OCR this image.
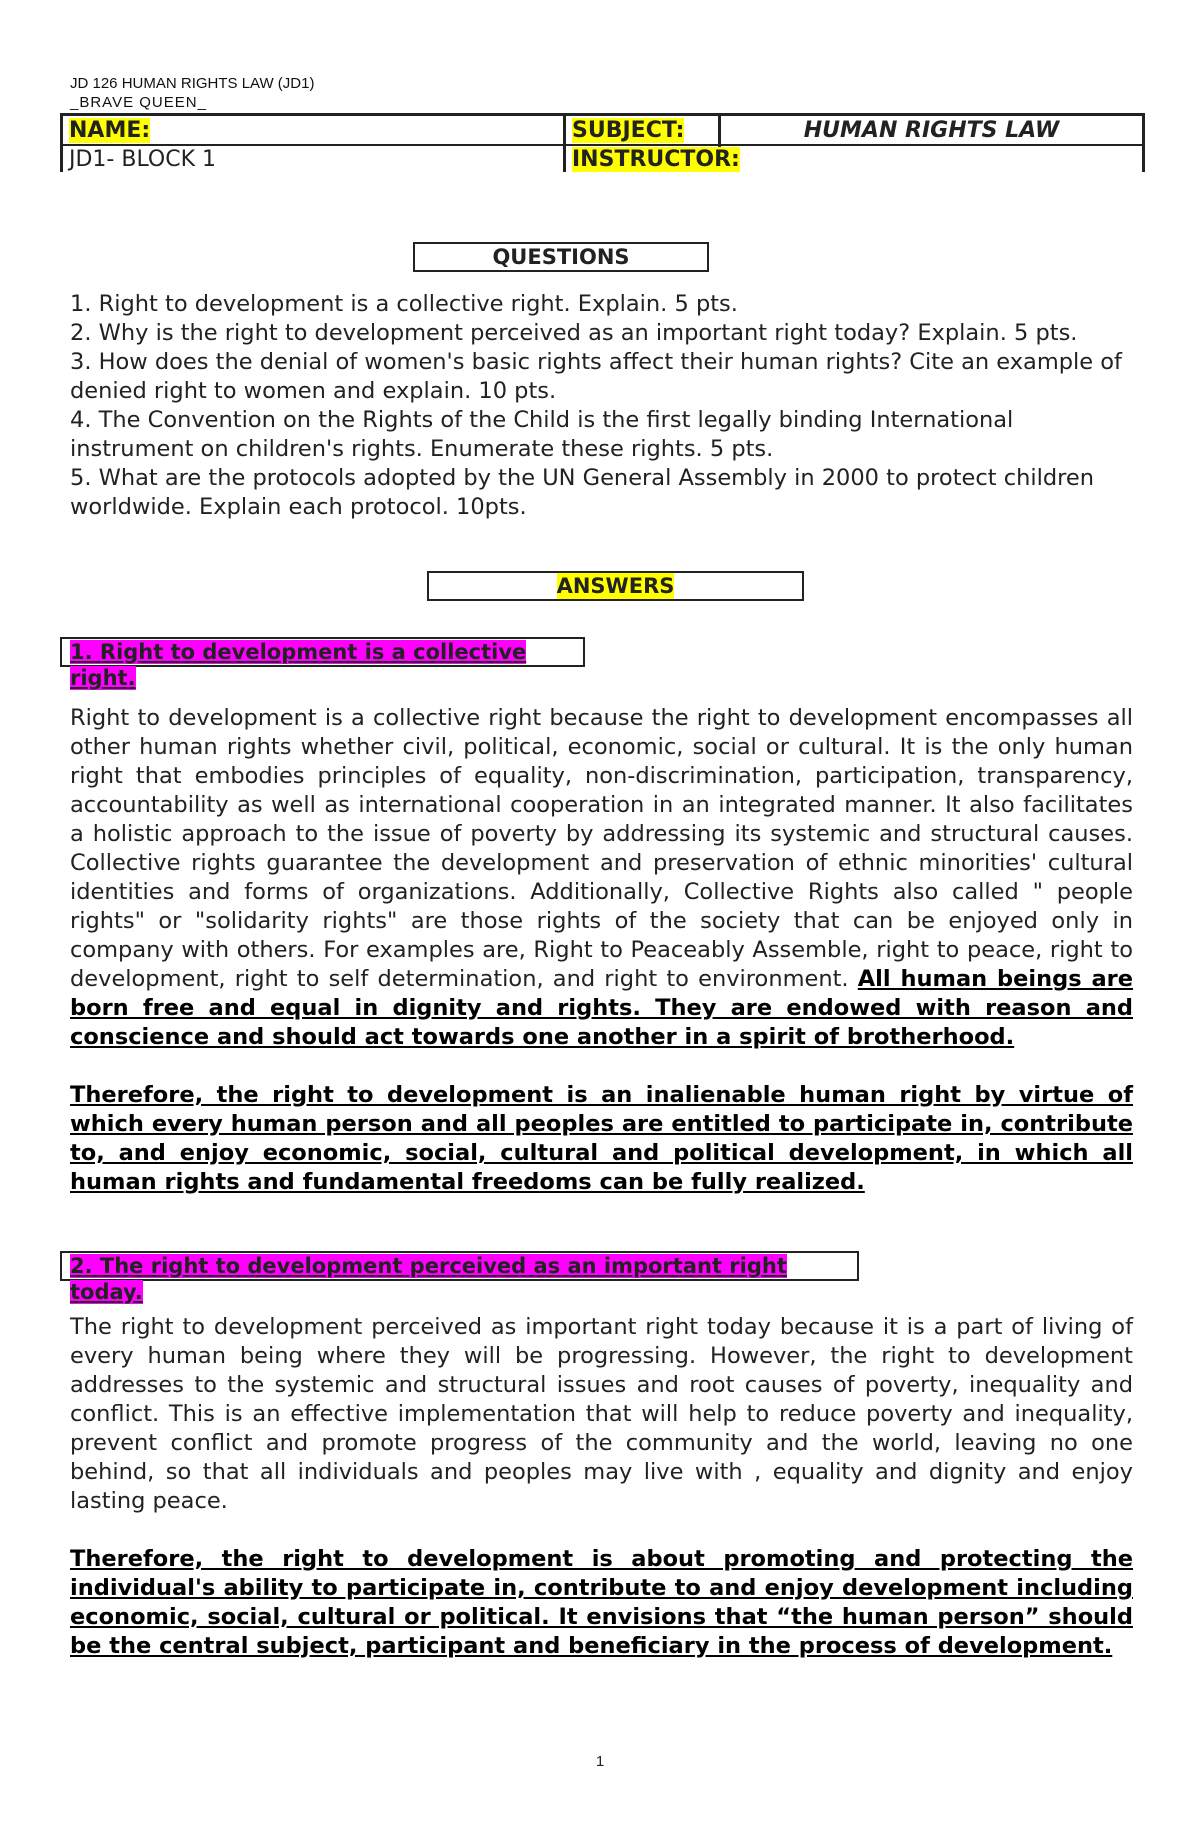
JD 126 HUMAN RIGHTS LAW (JD1)
_BRAVE QUEEN_
NAME:	SUBJECT:	HUMAN RIGHTS LAW
JD1- BLOCK 1	INSTRUCTOR:	
QUESTIONS

1. Right to development is a collective right. Explain. 5 pts.

2. Why is the right to development perceived as an important right today? Explain. 5 pts.

3. How does the denial of women's basic rights affect their human rights? Cite an example of denied right to women and explain. 10 pts.

4. The Convention on the Rights of the Child is the first legally binding International instrument on children's rights. Enumerate these rights. 5 pts.

5. What are the protocols adopted by the UN General Assembly in 2000 to protect children worldwide. Explain each protocol. 10pts.

ANSWERS
1. Right to development is a collective right.

Right to development is a collective right because the right to development encompasses all other human rights whether civil, political, economic, social or cultural. It is the only human right that embodies principles of equality, non-discrimination, participation, transparency, accountability as well as international cooperation in an integrated manner. It also facilitates a holistic approach to the issue of poverty by addressing its systemic and structural causes. Collective rights guarantee the development and preservation of ethnic minorities' cultural identities and forms of organizations. Additionally, Collective Rights also called " people rights" or "solidarity rights" are those rights of the society that can be enjoyed only in company with others. For examples are, Right to Peaceably Assemble, right to peace, right to development, right to self determination, and right to environment. All human beings are born free and equal in dignity and rights. They are endowed with reason and conscience and should act towards one another in a spirit of brotherhood.

Therefore, the right to development is an inalienable human right by virtue of which every human person and all peoples are entitled to participate in, contribute to, and enjoy economic, social, cultural and political development, in which all human rights and fundamental freedoms can be fully realized.

2. The right to development perceived as an important right today.

The right to development perceived as important right today because it is a part of living of every human being where they will be progressing. However, the right to development addresses to the systemic and structural issues and root causes of poverty, inequality and conflict. This is an effective implementation that will help to reduce poverty and inequality, prevent conflict and promote progress of the community and the world, leaving no one behind, so that all individuals and peoples may live with , equality and dignity and enjoy lasting peace.

Therefore, the right to development is about promoting and protecting the individual's ability to participate in, contribute to and enjoy development including economic, social, cultural or political. It envisions that “the human person” should be the central subject, participant and beneficiary in the process of development.

1
